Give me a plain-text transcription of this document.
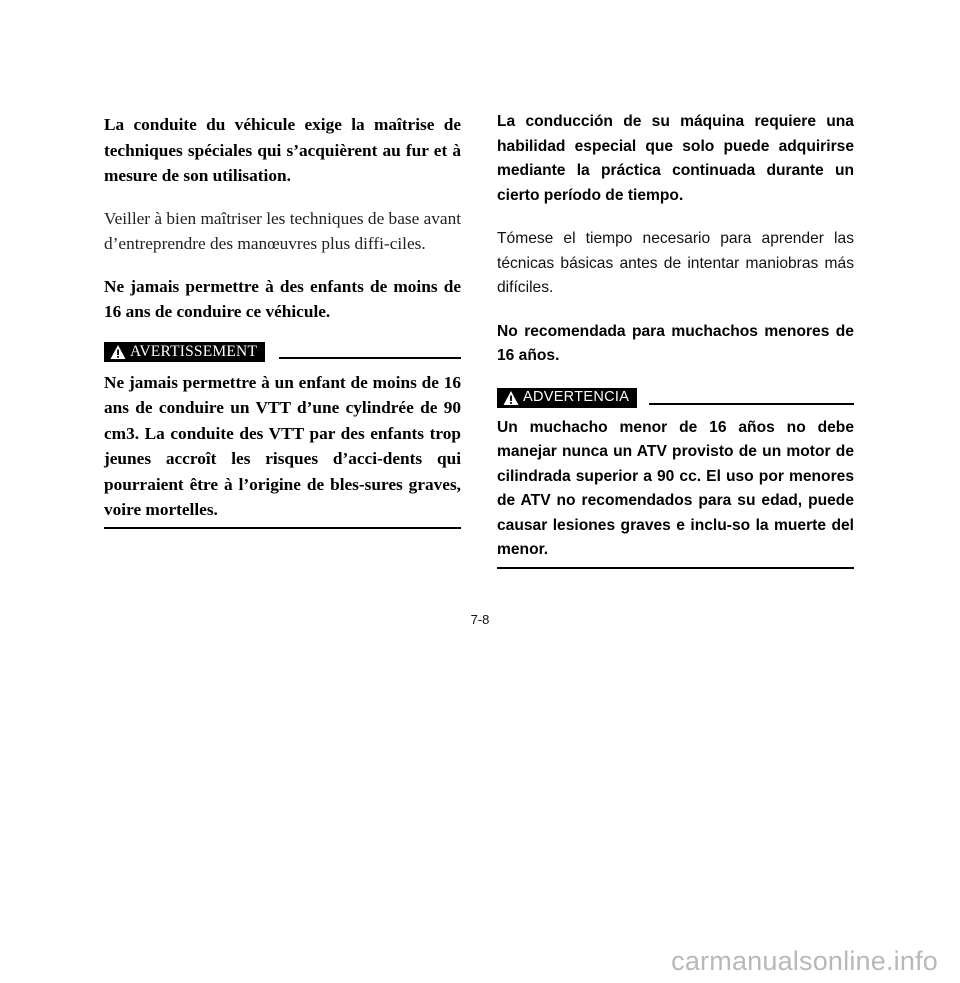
La conduite du véhicule exige la maîtrise de techniques spéciales qui s’acquièrent au fur et à mesure de son utilisation.

Veiller à bien maîtriser les techniques de base avant d’entreprendre des manœuvres plus diffi-ciles.

Ne jamais permettre à des enfants de moins de 16 ans de conduire ce véhicule.

AVERTISSEMENT

Ne jamais permettre à un enfant de moins de 16 ans de conduire un VTT d’une cylindrée de 90 cm3. La conduite des VTT par des enfants trop jeunes accroît les risques d’acci-dents qui pourraient être à l’origine de bles-sures graves, voire mortelles.

La conducción de su máquina requiere una habilidad especial que solo puede adquirirse mediante la práctica continuada durante un cierto período de tiempo.

Tómese el tiempo necesario para aprender las técnicas básicas antes de intentar maniobras más difíciles.

No recomendada para muchachos menores de 16 años.

ADVERTENCIA

Un muchacho menor de 16 años no debe manejar nunca un ATV provisto de un motor de cilindrada superior a 90 cc. El uso por menores de ATV no recomendados para su edad, puede causar lesiones graves e inclu-so la muerte del menor.

7-8
carmanualsonline.info
